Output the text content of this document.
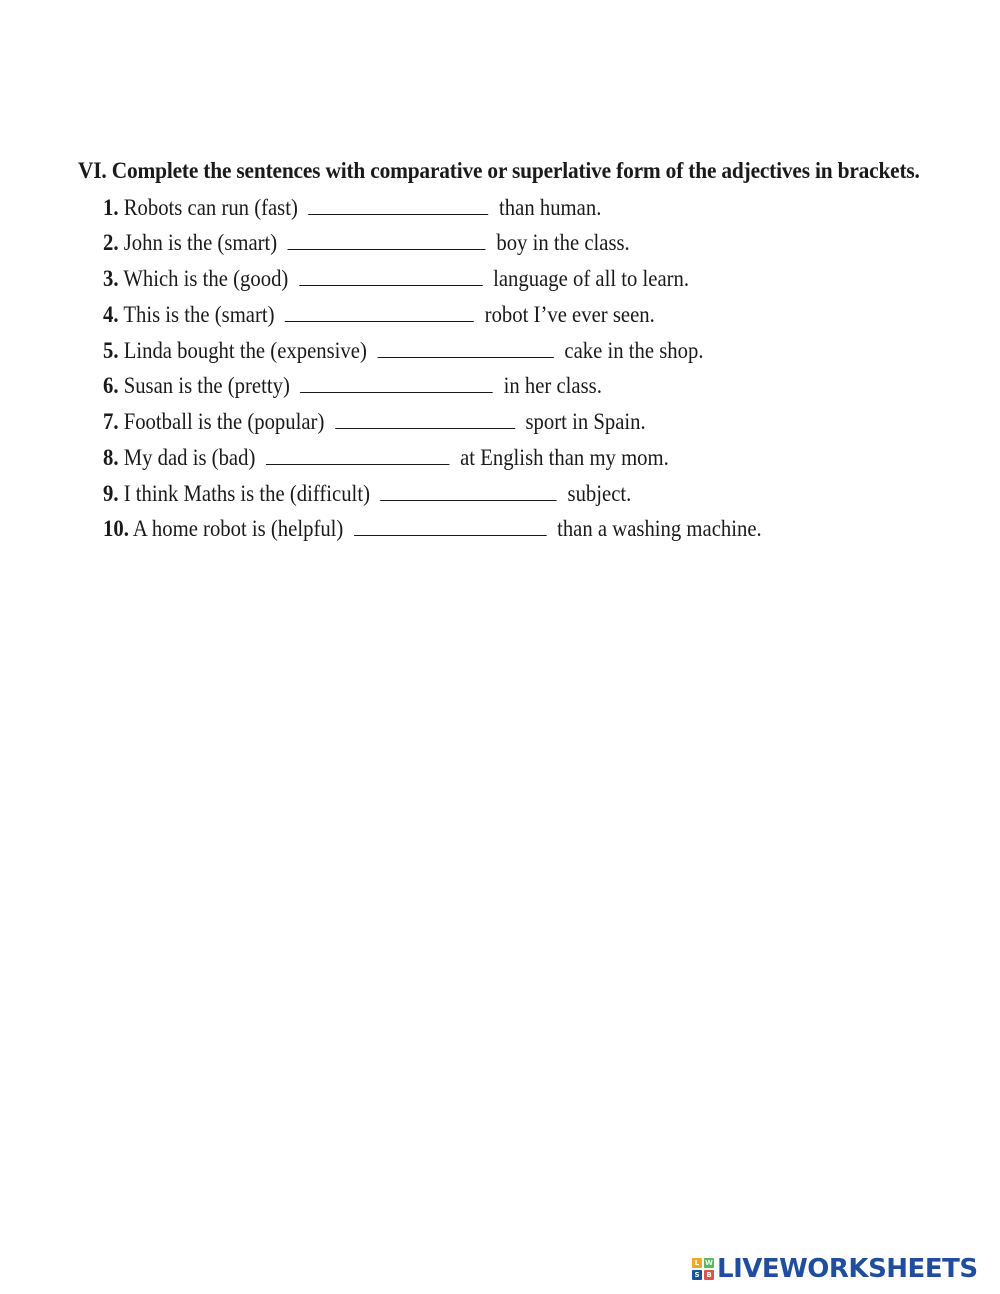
VI. Complete the sentences with comparative or superlative form of the adjectives in brackets.
1. Robots can run (fast)	than human.
2. John is the (smart)	boy in the class.
3. Which is the (good)	language of all to learn.
4. This is the (smart)	robot I’ve ever seen.
5. Linda bought the (expensive)	cake in the shop.
6. Susan is the (pretty)	in her class.
7. Football is the (popular)	sport in Spain.
8. My dad is (bad)	at English than my mom.
9. I think Maths is the (difficult)	subject.
10. A home robot is (helpful)	than a washing machine.
L W
S B LIVEWORKSHEETS
